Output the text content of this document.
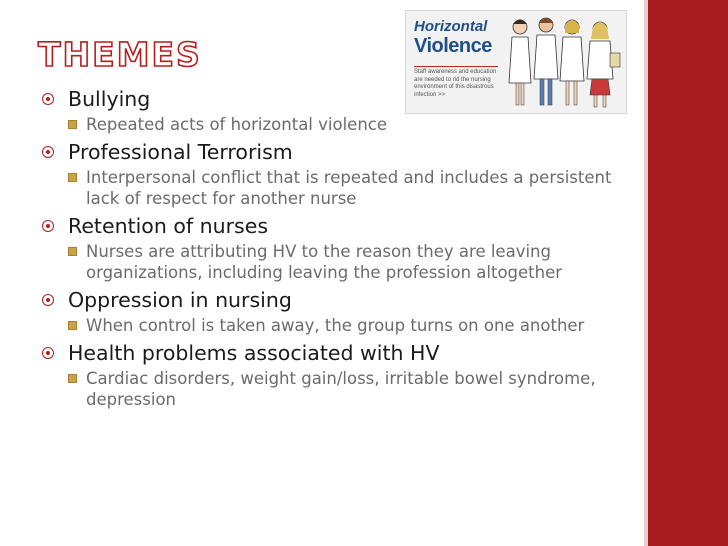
THEMES
Horizontal
Violence
Staff awareness and education are needed to rid the nursing environment of this disastrous infection >>
Bullying
Repeated acts of horizontal violence
Professional Terrorism
Interpersonal conflict that is repeated and includes a persistent lack of respect for another nurse
Retention of nurses
Nurses are attributing HV to the reason they are leaving organizations, including leaving the profession altogether
Oppression in nursing
When control is taken away, the group turns on one another
Health problems associated with HV
Cardiac disorders, weight gain/loss, irritable bowel syndrome, depression
